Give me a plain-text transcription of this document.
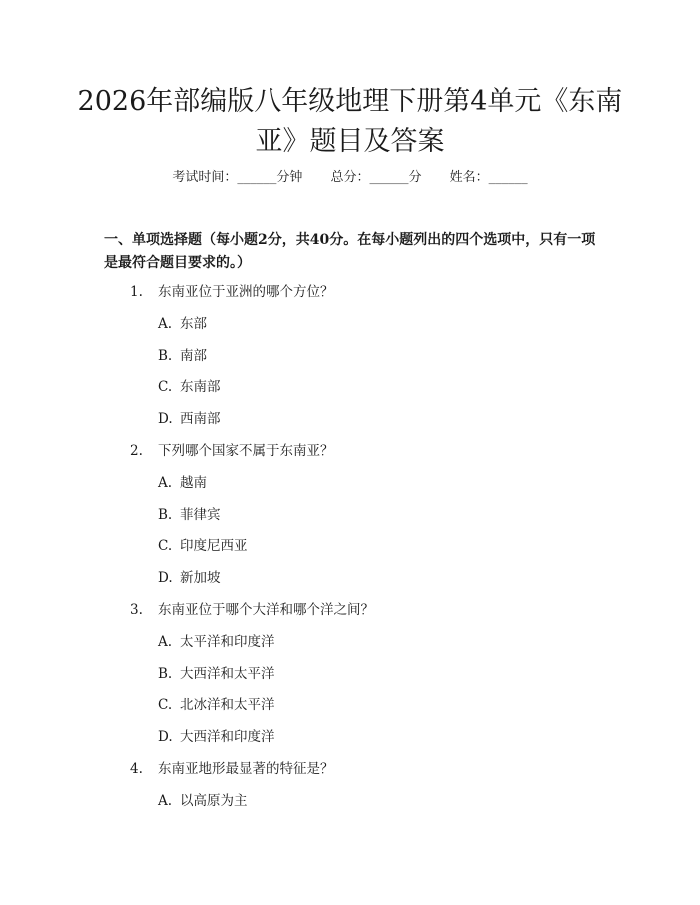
2026年部编版八年级地理下册第4单元《东南亚》题目及答案
考试时间：______分钟 总分：______分 姓名：______

一、单项选择题（每小题2分，共40分。在每小题列出的四个选项中，只有一项是最符合题目要求的。）

1. 东南亚位于亚洲的哪个方位？
A. 东部
B. 南部
C. 东南部
D. 西南部
2. 下列哪个国家不属于东南亚？
A. 越南
B. 菲律宾
C. 印度尼西亚
D. 新加坡
3. 东南亚位于哪个大洋和哪个洋之间？
A. 太平洋和印度洋
B. 大西洋和太平洋
C. 北冰洋和太平洋
D. 大西洋和印度洋
4. 东南亚地形最显著的特征是？
A. 以高原为主
